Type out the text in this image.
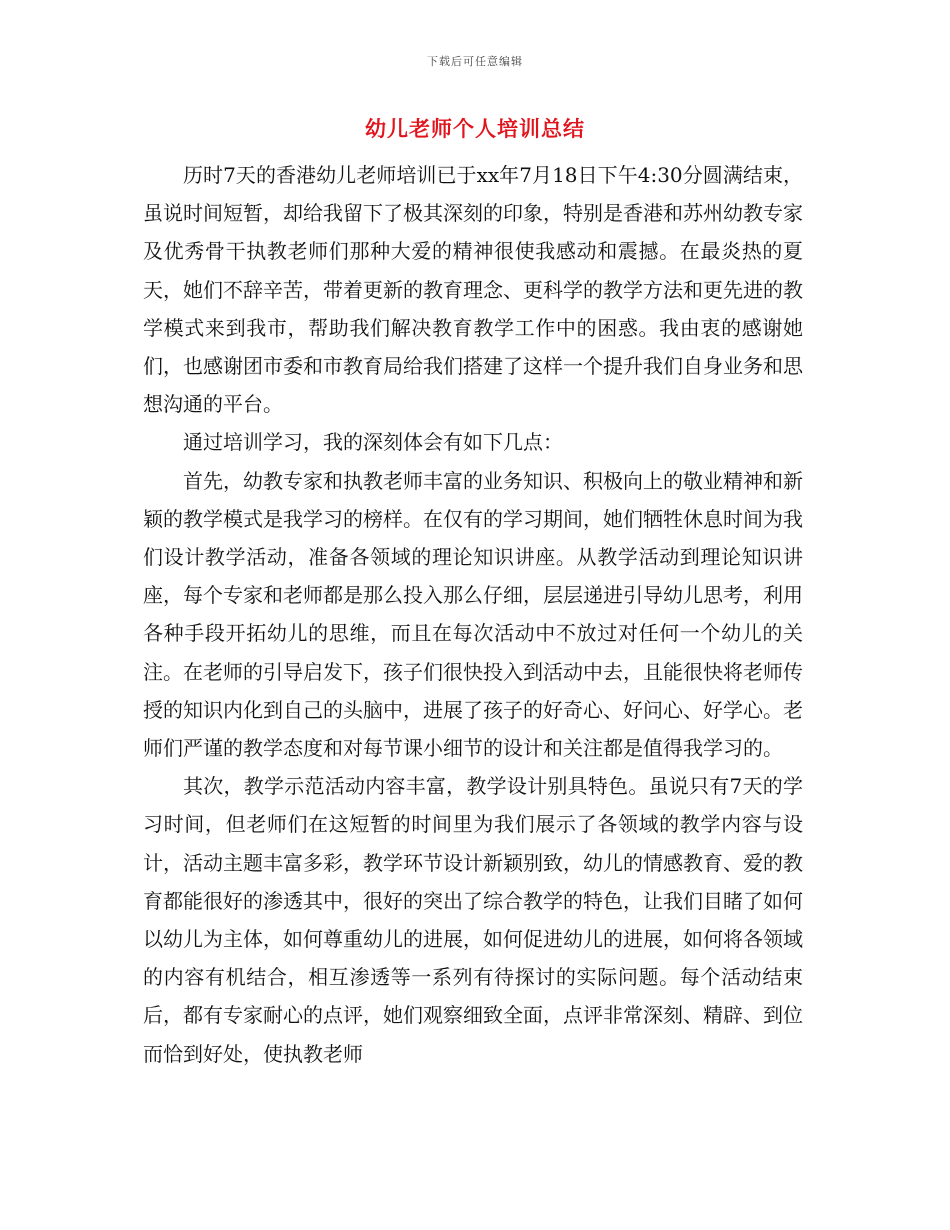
下载后可任意编辑
幼儿老师个人培训总结

历时7天的香港幼儿老师培训已于xx年7月18日下午4:30分圆满结束，虽说时间短暂，却给我留下了极其深刻的印象，特别是香港和苏州幼教专家及优秀骨干执教老师们那种大爱的精神很使我感动和震撼。在最炎热的夏天，她们不辞辛苦，带着更新的教育理念、更科学的教学方法和更先进的教学模式来到我市，帮助我们解决教育教学工作中的困惑。我由衷的感谢她们，也感谢团市委和市教育局给我们搭建了这样一个提升我们自身业务和思想沟通的平台。

通过培训学习，我的深刻体会有如下几点：

首先，幼教专家和执教老师丰富的业务知识、积极向上的敬业精神和新颖的教学模式是我学习的榜样。在仅有的学习期间，她们牺牲休息时间为我们设计教学活动，准备各领域的理论知识讲座。从教学活动到理论知识讲座，每个专家和老师都是那么投入那么仔细，层层递进引导幼儿思考，利用各种手段开拓幼儿的思维，而且在每次活动中不放过对任何一个幼儿的关注。在老师的引导启发下，孩子们很快投入到活动中去，且能很快将老师传授的知识内化到自己的头脑中，进展了孩子的好奇心、好问心、好学心。老师们严谨的教学态度和对每节课小细节的设计和关注都是值得我学习的。

其次，教学示范活动内容丰富，教学设计别具特色。虽说只有7天的学习时间，但老师们在这短暂的时间里为我们展示了各领域的教学内容与设计，活动主题丰富多彩，教学环节设计新颖别致，幼儿的情感教育、爱的教育都能很好的渗透其中，很好的突出了综合教学的特色，让我们目睹了如何以幼儿为主体，如何尊重幼儿的进展，如何促进幼儿的进展，如何将各领域的内容有机结合，相互渗透等一系列有待探讨的实际问题。每个活动结束后，都有专家耐心的点评，她们观察细致全面，点评非常深刻、精辟、到位而恰到好处，使执教老师
